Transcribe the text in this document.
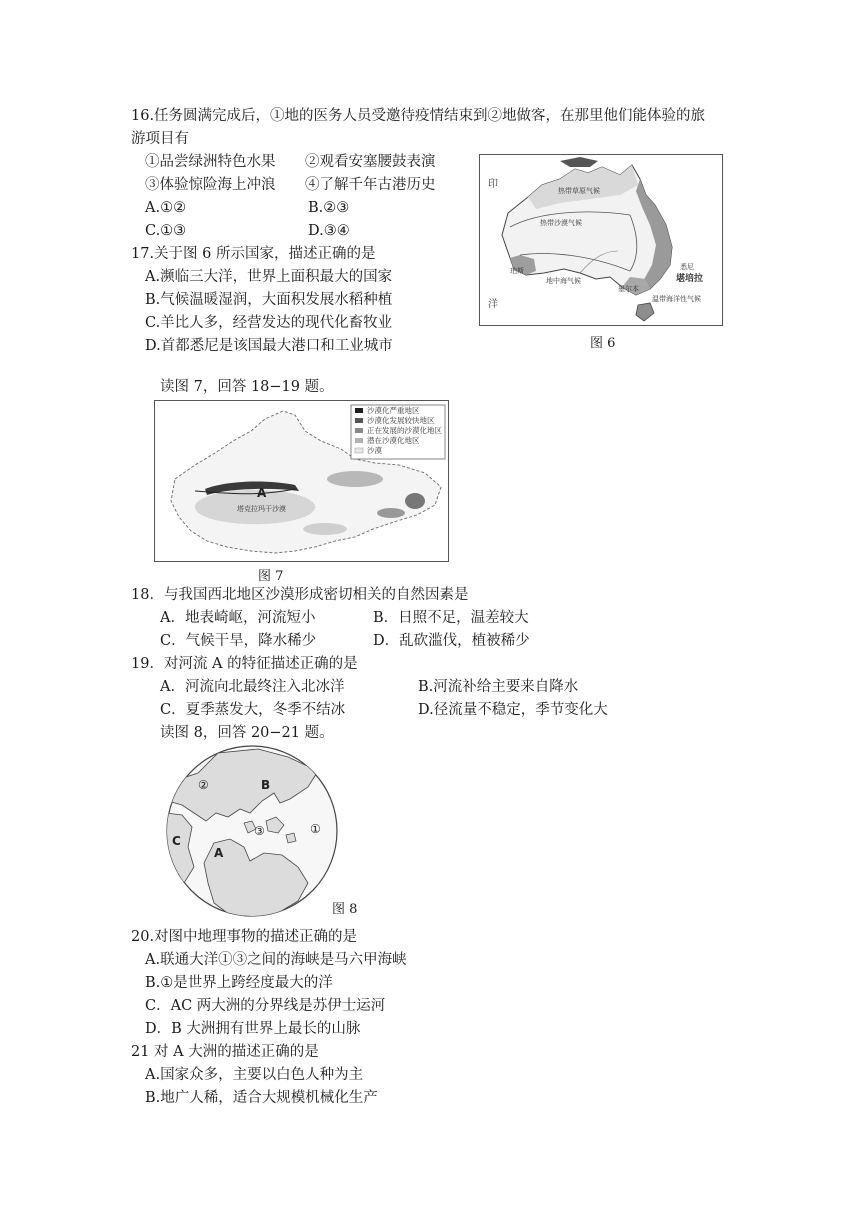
16.任务圆满完成后，①地的医务人员受邀待疫情结束到②地做客，在那里他们能体验的旅
游项目有
①品尝绿洲特色水果 ②观看安塞腰鼓表演
③体验惊险海上冲浪 ④了解千年古港历史
A.①②	B.②③
C.①③	D.③④
17.关于图 6 所示国家，描述正确的是
A.濒临三大洋，世界上面积最大的国家
B.气候温暖湿润，大面积发展水稻种植
C.羊比人多，经营发达的现代化畜牧业
D.首都悉尼是该国最大港口和工业城市
印
洋
热带草原气候
热带沙漠气候
地中海气候
温带海洋性气候
珀斯
墨尔本
悉尼
堪培拉
图 6
读图 7，回答 18−19 题。
A
塔克拉玛干沙漠
沙漠化严重地区
沙漠化发展较快地区
正在发展的沙漠化地区
潜在沙漠化地区
沙漠
图 7
18．与我国西北地区沙漠形成密切相关的自然因素是
A．地表崎岖，河流短小	B．日照不足，温差较大
C．气候干旱，降水稀少	D．乱砍滥伐，植被稀少
19．对河流 A 的特征描述正确的是
A．河流向北最终注入北冰洋	B.河流补给主要来自降水
C．夏季蒸发大，冬季不结冰	D.径流量不稳定，季节变化大
读图 8，回答 20−21 题。
②	B
③	①
C
A
图 8
20.对图中地理事物的描述正确的是
A.联通大洋①③之间的海峡是马六甲海峡
B.①是世界上跨经度最大的洋
C．AC 两大洲的分界线是苏伊士运河
D．B 大洲拥有世界上最长的山脉
21 对 A 大洲的描述正确的是
A.国家众多，主要以白色人种为主
B.地广人稀，适合大规模机械化生产
